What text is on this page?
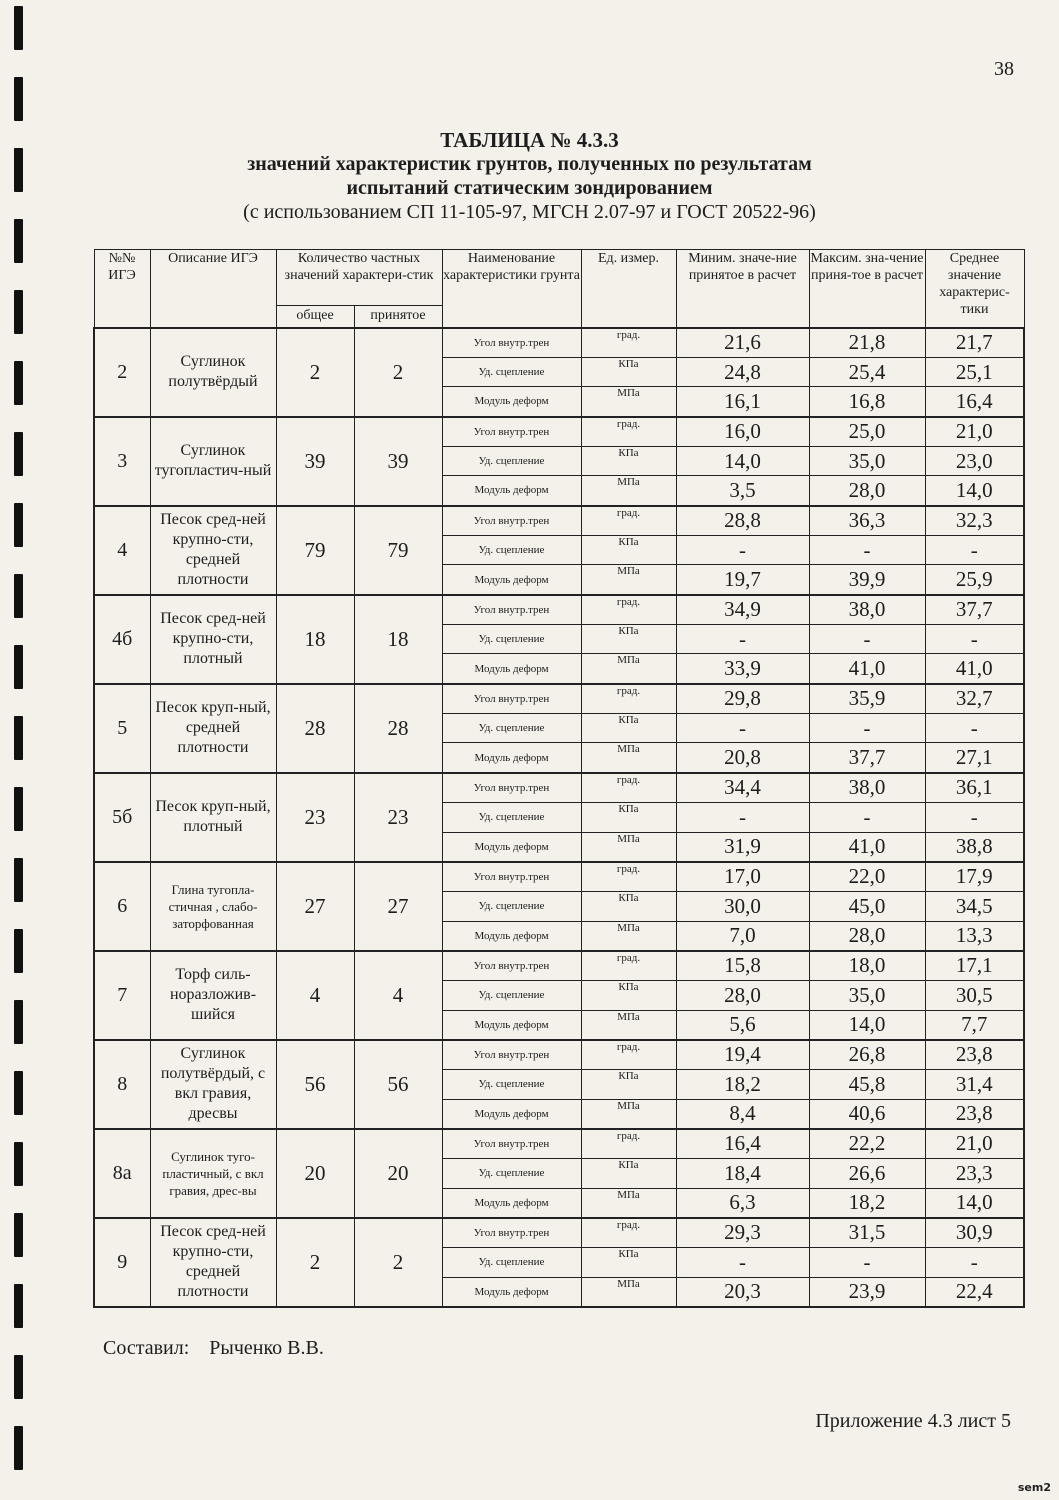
38
ТАБЛИЦА № 4.3.3
значений характеристик грунтов, полученных по результатам
испытаний статическим зондированием
(с использованием СП 11-105-97, МГСН 2.07-97 и ГОСТ 20522-96)
№№ ИГЭ	Описание ИГЭ	Количество частных значений характери-стик		Наименование характеристики грунта	Ед. измер.	Миним. значе-ние принятое в расчет	Максим. зна-чение приня-тое в расчет	Среднее значение характерис-тики
		общее	принятое					
2	Суглинок полутвёрдый	2	2	Угол внутр.трен	град.	21,6	21,8	21,7
				Уд. сцепление	КПа	24,8	25,4	25,1
				Модуль деформ	МПа	16,1	16,8	16,4
3	Суглинок тугопластич-ный	39	39	Угол внутр.трен	град.	16,0	25,0	21,0
				Уд. сцепление	КПа	14,0	35,0	23,0
				Модуль деформ	МПа	3,5	28,0	14,0
4	Песок сред-ней крупно-сти, средней плотности	79	79	Угол внутр.трен	град.	28,8	36,3	32,3
				Уд. сцепление	КПа	-	-	-
				Модуль деформ	МПа	19,7	39,9	25,9
4б	Песок сред-ней крупно-сти, плотный	18	18	Угол внутр.трен	град.	34,9	38,0	37,7
				Уд. сцепление	КПа	-	-	-
				Модуль деформ	МПа	33,9	41,0	41,0
5	Песок круп-ный, средней плотности	28	28	Угол внутр.трен	град.	29,8	35,9	32,7
				Уд. сцепление	КПа	-	-	-
				Модуль деформ	МПа	20,8	37,7	27,1
5б	Песок круп-ный, плотный	23	23	Угол внутр.трен	град.	34,4	38,0	36,1
				Уд. сцепление	КПа	-	-	-
				Модуль деформ	МПа	31,9	41,0	38,8
6	Глина тугопла-стичная , слабо-заторфованная	27	27	Угол внутр.трен	град.	17,0	22,0	17,9
				Уд. сцепление	КПа	30,0	45,0	34,5
				Модуль деформ	МПа	7,0	28,0	13,3
7	Торф силь-норазложив-шийся	4	4	Угол внутр.трен	град.	15,8	18,0	17,1
				Уд. сцепление	КПа	28,0	35,0	30,5
				Модуль деформ	МПа	5,6	14,0	7,7
8	Суглинок полутвёрдый, с вкл гравия, дресвы	56	56	Угол внутр.трен	град.	19,4	26,8	23,8
				Уд. сцепление	КПа	18,2	45,8	31,4
				Модуль деформ	МПа	8,4	40,6	23,8
8а	Суглинок туго-пластичный, с вкл гравия, дрес-вы	20	20	Угол внутр.трен	град.	16,4	22,2	21,0
				Уд. сцепление	КПа	18,4	26,6	23,3
				Модуль деформ	МПа	6,3	18,2	14,0
9	Песок сред-ней крупно-сти, средней плотности	2	2	Угол внутр.трен	град.	29,3	31,5	30,9
				Уд. сцепление	КПа	-	-	-
				Модуль деформ	МПа	20,3	23,9	22,4
Составил: Рыченко В.В.
Приложение 4.3 лист 5
sem2
